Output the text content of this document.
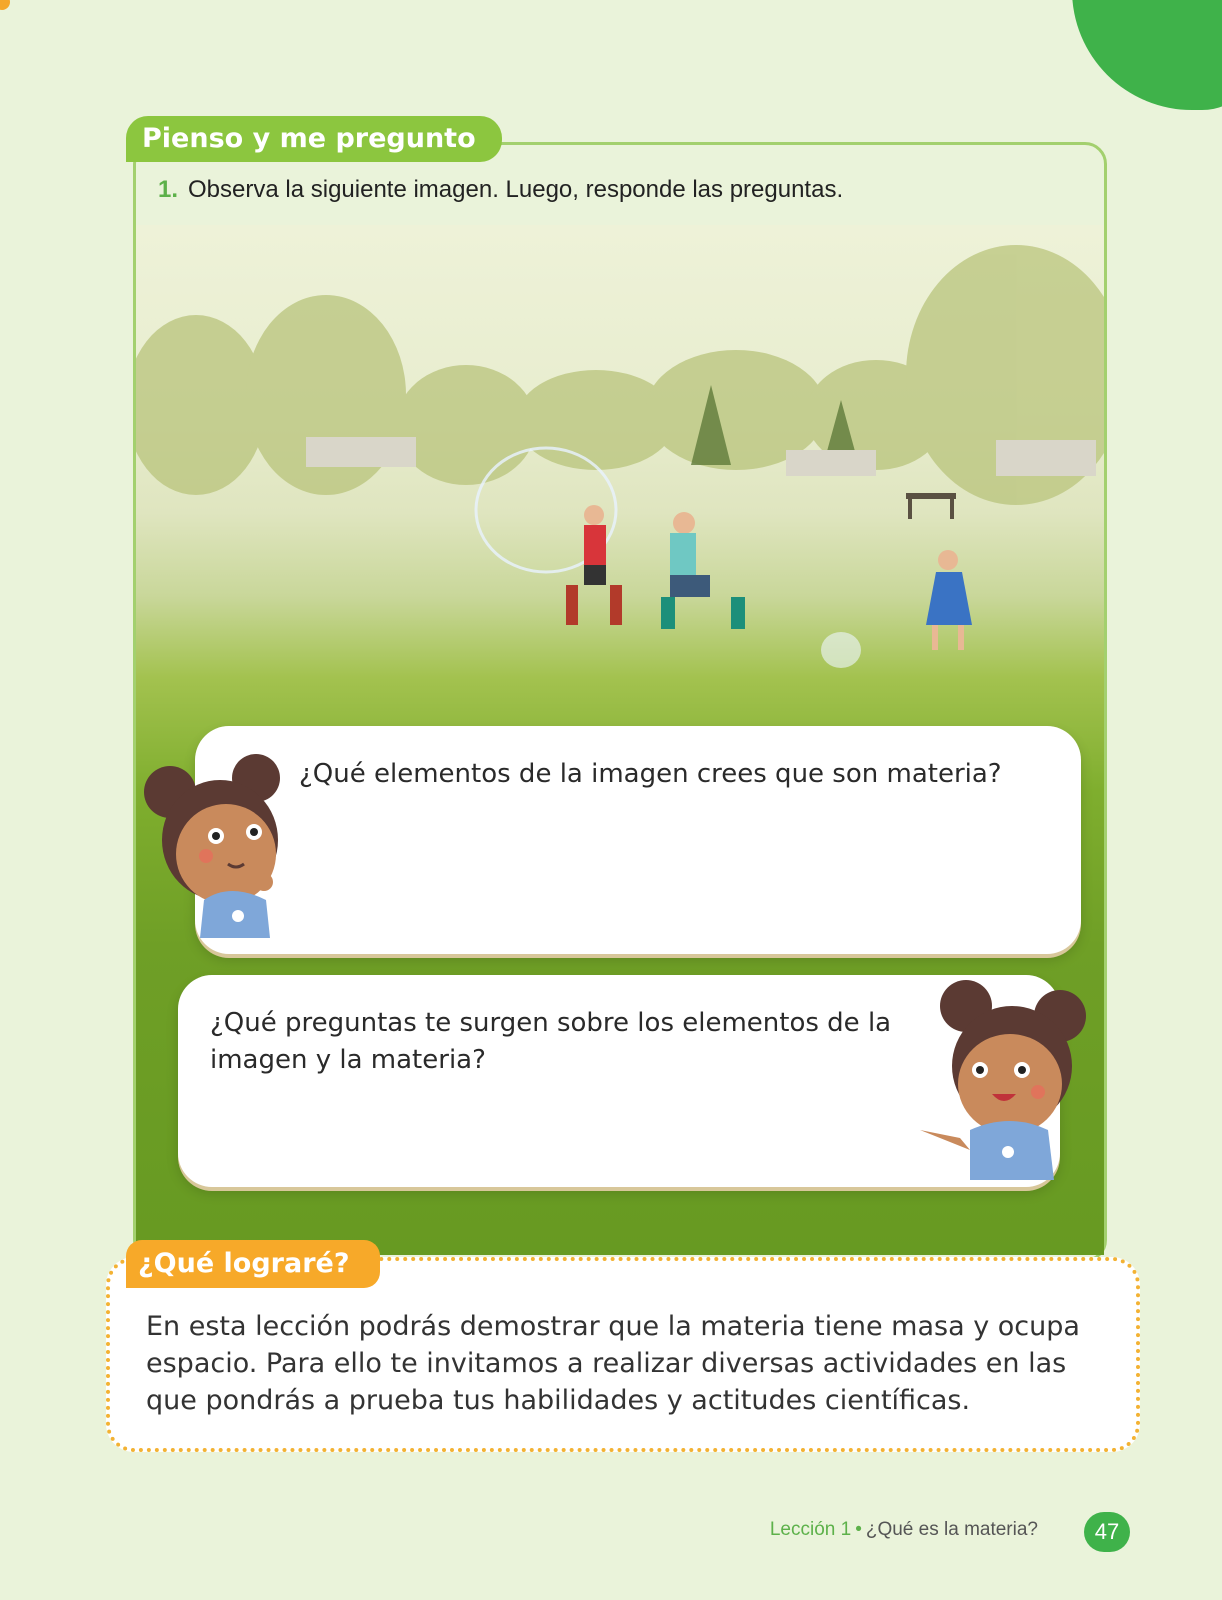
Pienso y me pregunto
1. Observa la siguiente imagen. Luego, responde las preguntas.
¿Qué elementos de la imagen crees que son materia?
¿Qué preguntas te surgen sobre los elementos de la imagen y la materia?
¿Qué lograré?
En esta lección podrás demostrar que la materia tiene masa y ocupa espacio. Para ello te invitamos a realizar diversas actividades en las que pondrás a prueba tus habilidades y actitudes científicas.
Lección 1 • ¿Qué es la materia?	47
